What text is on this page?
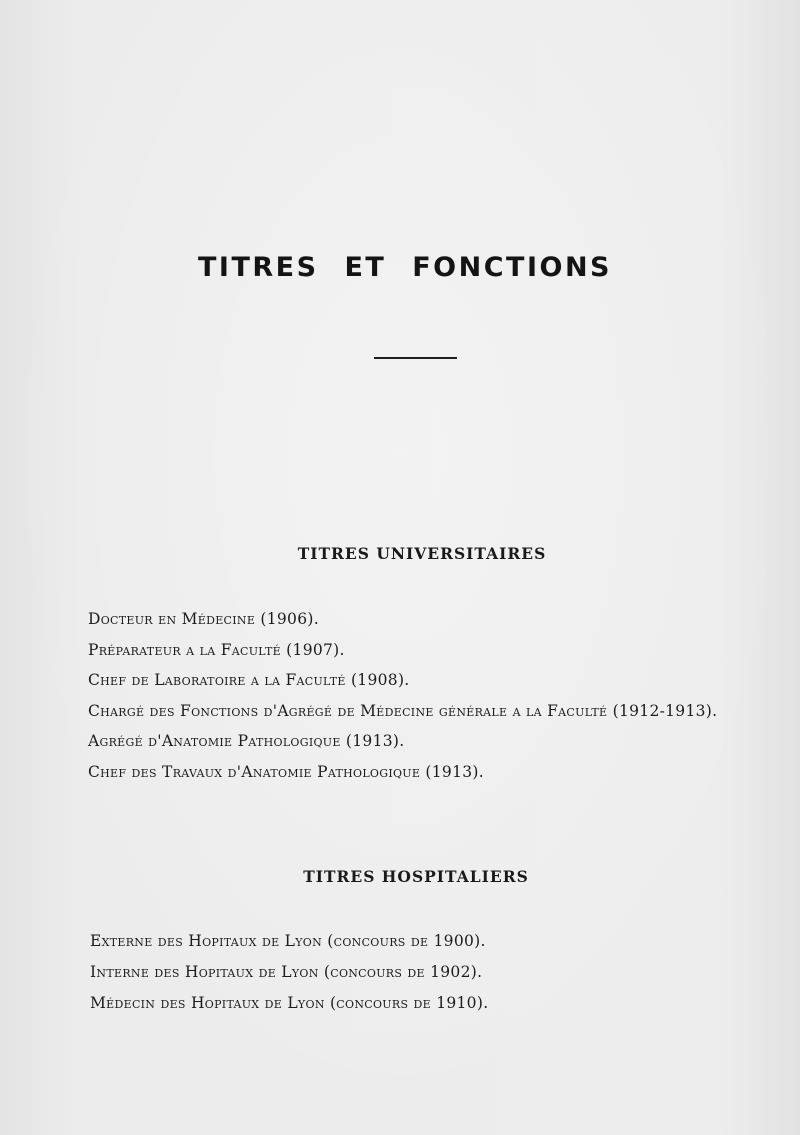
TITRES ET FONCTIONS
TITRES UNIVERSITAIRES
Docteur en Médecine (1906).
Préparateur a la Faculté (1907).
Chef de Laboratoire a la Faculté (1908).
Chargé des Fonctions d'Agrégé de Médecine générale a la Faculté (1912-1913).
Agrégé d'Anatomie Pathologique (1913).
Chef des Travaux d'Anatomie Pathologique (1913).
TITRES HOSPITALIERS
Externe des Hopitaux de Lyon (concours de 1900).
Interne des Hopitaux de Lyon (concours de 1902).
Médecin des Hopitaux de Lyon (concours de 1910).
